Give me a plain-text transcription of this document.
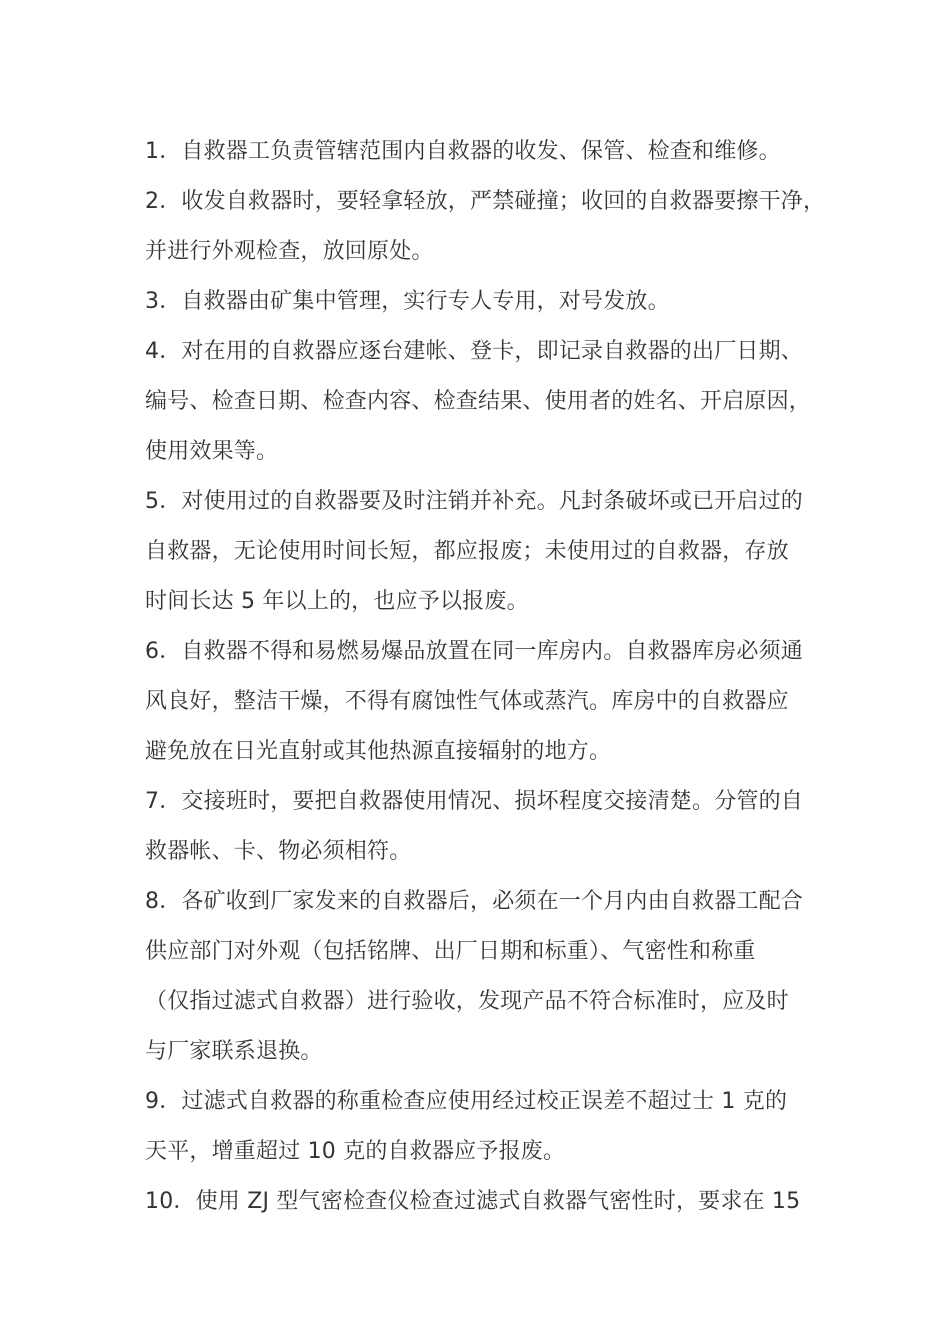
1．自救器工负责管辖范围内自救器的收发、保管、检查和维修。
2．收发自救器时，要轻拿轻放，严禁碰撞；收回的自救器要擦干净，
并进行外观检查，放回原处。
3．自救器由矿集中管理，实行专人专用，对号发放。
4．对在用的自救器应逐台建帐、登卡，即记录自救器的出厂日期、
编号、检查日期、检查内容、检查结果、使用者的姓名、开启原因，
使用效果等。
5．对使用过的自救器要及时注销并补充。凡封条破坏或已开启过的
自救器，无论使用时间长短，都应报废；未使用过的自救器，存放
时间长达 5 年以上的，也应予以报废。
6．自救器不得和易燃易爆品放置在同一库房内。自救器库房必须通
风良好，整洁干燥，不得有腐蚀性气体或蒸汽。库房中的自救器应
避免放在日光直射或其他热源直接辐射的地方。
7．交接班时，要把自救器使用情况、损坏程度交接清楚。分管的自
救器帐、卡、物必须相符。
8．各矿收到厂家发来的自救器后，必须在一个月内由自救器工配合
供应部门对外观（包括铭牌、出厂日期和标重）、气密性和称重
（仅指过滤式自救器）进行验收，发现产品不符合标准时，应及时
与厂家联系退换。
9．过滤式自救器的称重检查应使用经过校正误差不超过士 1 克的
天平，增重超过 10 克的自救器应予报废。
10．使用 ZJ 型气密检查仪检查过滤式自救器气密性时，要求在 15
